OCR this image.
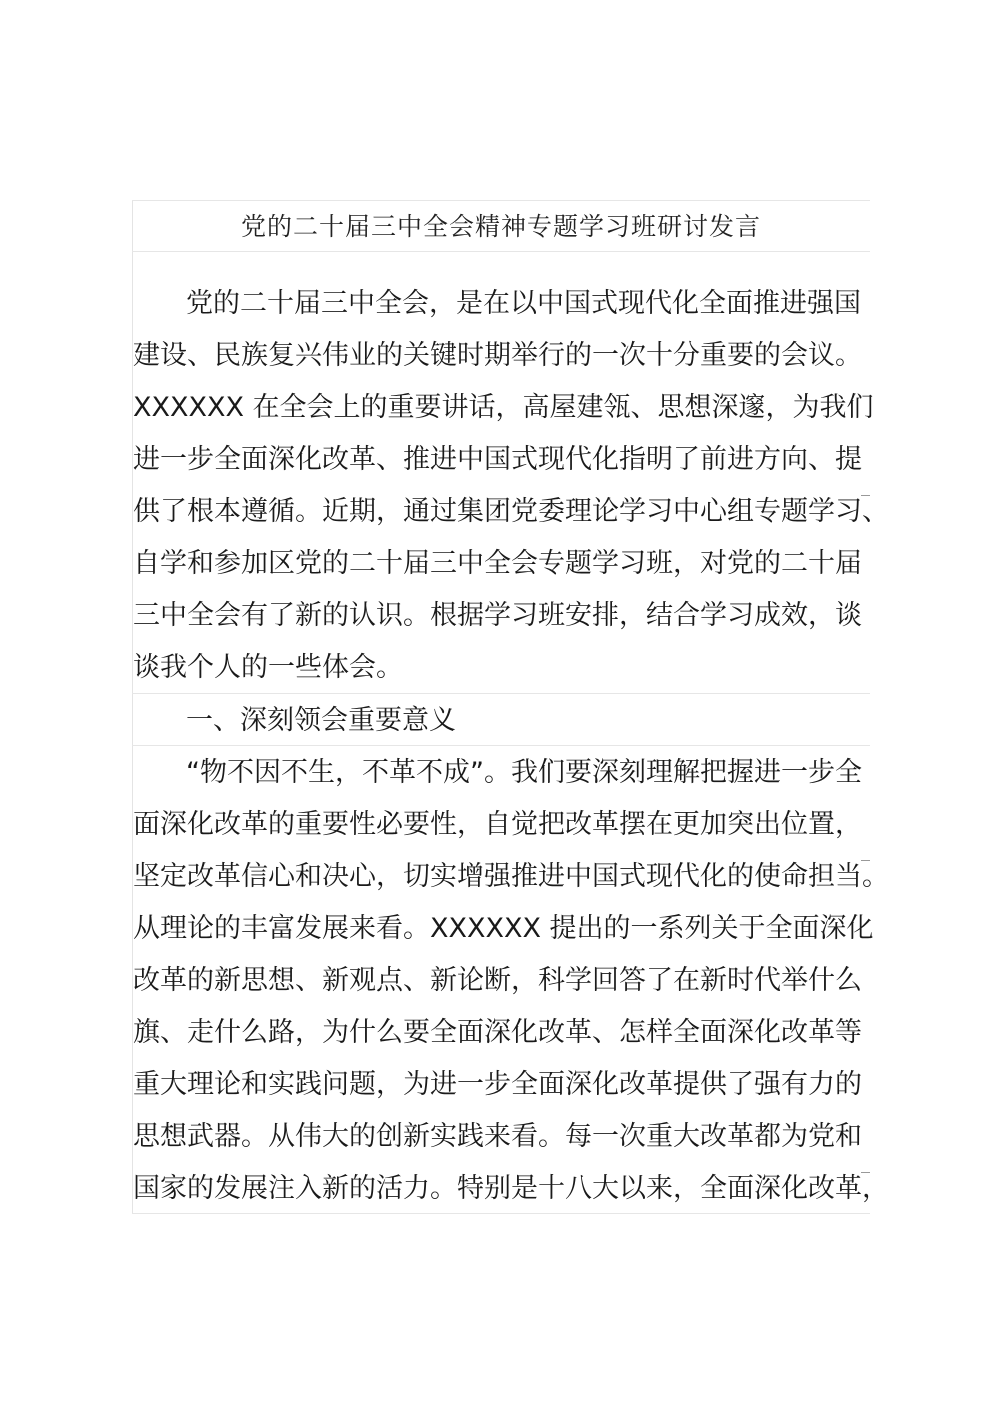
党的二十届三中全会精神专题学习班研讨发言
党的二十届三中全会，是在以中国式现代化全面推进强国
建设、民族复兴伟业的关键时期举行的一次十分重要的会议。
XXXXXX 在全会上的重要讲话，高屋建瓴、思想深邃，为我们
进一步全面深化改革、推进中国式现代化指明了前进方向、提
供了根本遵循。近期，通过集团党委理论学习中心组专题学习、
自学和参加区党的二十届三中全会专题学习班，对党的二十届
三中全会有了新的认识。根据学习班安排，结合学习成效，谈
谈我个人的一些体会。
一、深刻领会重要意义
“物不因不生，不革不成”。我们要深刻理解把握进一步全
面深化改革的重要性必要性，自觉把改革摆在更加突出位置，
坚定改革信心和决心，切实增强推进中国式现代化的使命担当。
从理论的丰富发展来看。XXXXXX 提出的一系列关于全面深化
改革的新思想、新观点、新论断，科学回答了在新时代举什么
旗、走什么路，为什么要全面深化改革、怎样全面深化改革等
重大理论和实践问题，为进一步全面深化改革提供了强有力的
思想武器。从伟大的创新实践来看。每一次重大改革都为党和
国家的发展注入新的活力。特别是十八大以来，全面深化改革，
